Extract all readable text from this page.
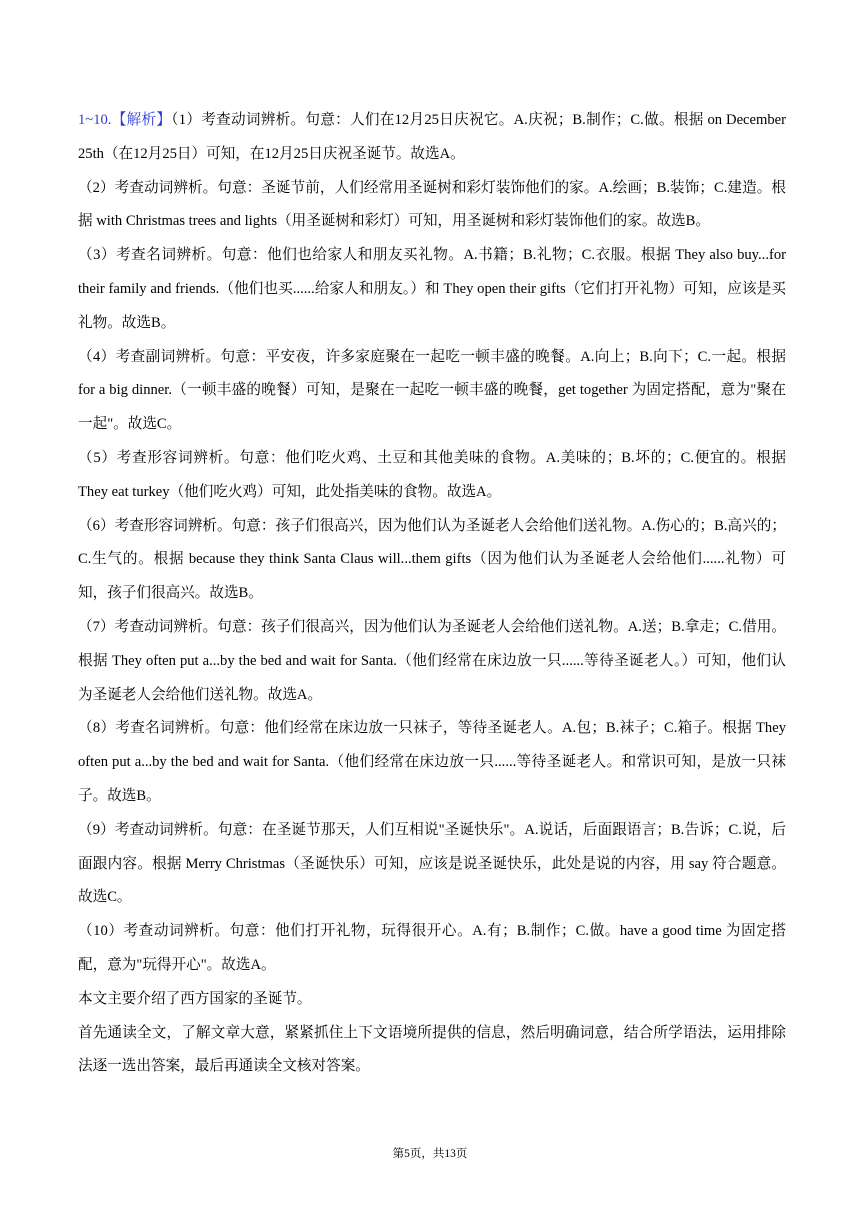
1~10.【解析】（1）考查动词辨析。句意：人们在12月25日庆祝它。A.庆祝；B.制作；C.做。根据 on December 25th（在12月25日）可知，在12月25日庆祝圣诞节。故选A。

（2）考查动词辨析。句意：圣诞节前，人们经常用圣诞树和彩灯装饰他们的家。A.绘画；B.装饰；C.建造。根据 with Christmas trees and lights（用圣诞树和彩灯）可知，用圣诞树和彩灯装饰他们的家。故选B。

（3）考查名词辨析。句意：他们也给家人和朋友买礼物。A.书籍；B.礼物；C.衣服。根据 They also buy...for their family and friends.（他们也买......给家人和朋友。）和 They open their gifts（它们打开礼物）可知，应该是买礼物。故选B。

（4）考查副词辨析。句意：平安夜，许多家庭聚在一起吃一顿丰盛的晚餐。A.向上；B.向下；C.一起。根据 for a big dinner.（一顿丰盛的晚餐）可知，是聚在一起吃一顿丰盛的晚餐，get together 为固定搭配，意为"聚在一起"。故选C。

（5）考查形容词辨析。句意：他们吃火鸡、土豆和其他美味的食物。A.美味的；B.坏的；C.便宜的。根据 They eat turkey（他们吃火鸡）可知，此处指美味的食物。故选A。

（6）考查形容词辨析。句意：孩子们很高兴，因为他们认为圣诞老人会给他们送礼物。A.伤心的；B.高兴的；C.生气的。根据 because they think Santa Claus will...them gifts（因为他们认为圣诞老人会给他们......礼物）可知，孩子们很高兴。故选B。

（7）考查动词辨析。句意：孩子们很高兴，因为他们认为圣诞老人会给他们送礼物。A.送；B.拿走；C.借用。根据 They often put a...by the bed and wait for Santa.（他们经常在床边放一只......等待圣诞老人。）可知，他们认为圣诞老人会给他们送礼物。故选A。

（8）考查名词辨析。句意：他们经常在床边放一只袜子，等待圣诞老人。A.包；B.袜子；C.箱子。根据 They often put a...by the bed and wait for Santa.（他们经常在床边放一只......等待圣诞老人。和常识可知，是放一只袜子。故选B。

（9）考查动词辨析。句意：在圣诞节那天，人们互相说"圣诞快乐"。A.说话，后面跟语言；B.告诉；C.说，后面跟内容。根据 Merry Christmas（圣诞快乐）可知，应该是说圣诞快乐，此处是说的内容，用 say 符合题意。故选C。

（10）考查动词辨析。句意：他们打开礼物，玩得很开心。A.有；B.制作；C.做。have a good time 为固定搭配，意为"玩得开心"。故选A。

本文主要介绍了西方国家的圣诞节。

首先通读全文，了解文章大意，紧紧抓住上下文语境所提供的信息，然后明确词意，结合所学语法，运用排除法逐一选出答案，最后再通读全文核对答案。

第5页，共13页
